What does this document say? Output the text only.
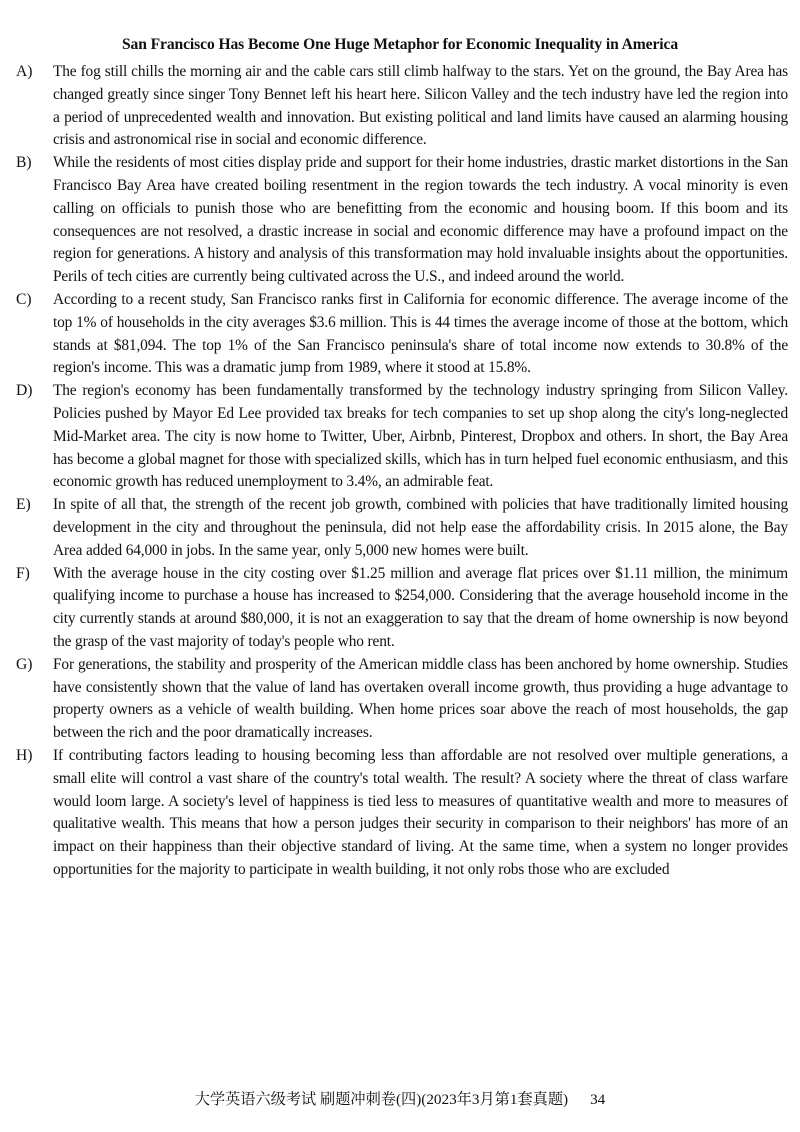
San Francisco Has Become One Huge Metaphor for Economic Inequality in America
A) The fog still chills the morning air and the cable cars still climb halfway to the stars. Yet on the ground, the Bay Area has changed greatly since singer Tony Bennet left his heart here. Silicon Valley and the tech industry have led the region into a period of unprecedented wealth and innovation. But existing political and land limits have caused an alarming housing crisis and astronomical rise in social and economic difference.
B) While the residents of most cities display pride and support for their home industries, drastic market distortions in the San Francisco Bay Area have created boiling resentment in the region towards the tech industry. A vocal minority is even calling on officials to punish those who are benefitting from the economic and housing boom. If this boom and its consequences are not resolved, a drastic increase in social and economic difference may have a profound impact on the region for generations. A history and analysis of this transformation may hold invaluable insights about the opportunities. Perils of tech cities are currently being cultivated across the U.S., and indeed around the world.
C) According to a recent study, San Francisco ranks first in California for economic difference. The average income of the top 1% of households in the city averages $3.6 million. This is 44 times the average income of those at the bottom, which stands at $81,094. The top 1% of the San Francisco peninsula's share of total income now extends to 30.8% of the region's income. This was a dramatic jump from 1989, where it stood at 15.8%.
D) The region's economy has been fundamentally transformed by the technology industry springing from Silicon Valley. Policies pushed by Mayor Ed Lee provided tax breaks for tech companies to set up shop along the city's long-neglected Mid-Market area. The city is now home to Twitter, Uber, Airbnb, Pinterest, Dropbox and others. In short, the Bay Area has become a global magnet for those with specialized skills, which has in turn helped fuel economic enthusiasm, and this economic growth has reduced unemployment to 3.4%, an admirable feat.
E) In spite of all that, the strength of the recent job growth, combined with policies that have traditionally limited housing development in the city and throughout the peninsula, did not help ease the affordability crisis. In 2015 alone, the Bay Area added 64,000 in jobs. In the same year, only 5,000 new homes were built.
F) With the average house in the city costing over $1.25 million and average flat prices over $1.11 million, the minimum qualifying income to purchase a house has increased to $254,000. Considering that the average household income in the city currently stands at around $80,000, it is not an exaggeration to say that the dream of home ownership is now beyond the grasp of the vast majority of today's people who rent.
G) For generations, the stability and prosperity of the American middle class has been anchored by home ownership. Studies have consistently shown that the value of land has overtaken overall income growth, thus providing a huge advantage to property owners as a vehicle of wealth building. When home prices soar above the reach of most households, the gap between the rich and the poor dramatically increases.
H) If contributing factors leading to housing becoming less than affordable are not resolved over multiple generations, a small elite will control a vast share of the country's total wealth. The result? A society where the threat of class warfare would loom large. A society's level of happiness is tied less to measures of quantitative wealth and more to measures of qualitative wealth. This means that how a person judges their security in comparison to their neighbors' has more of an impact on their happiness than their objective standard of living. At the same time, when a system no longer provides opportunities for the majority to participate in wealth building, it not only robs those who are excluded
大学英语六级考试 刷题冲刺卷(四)(2023年3月第1套真题) 34
